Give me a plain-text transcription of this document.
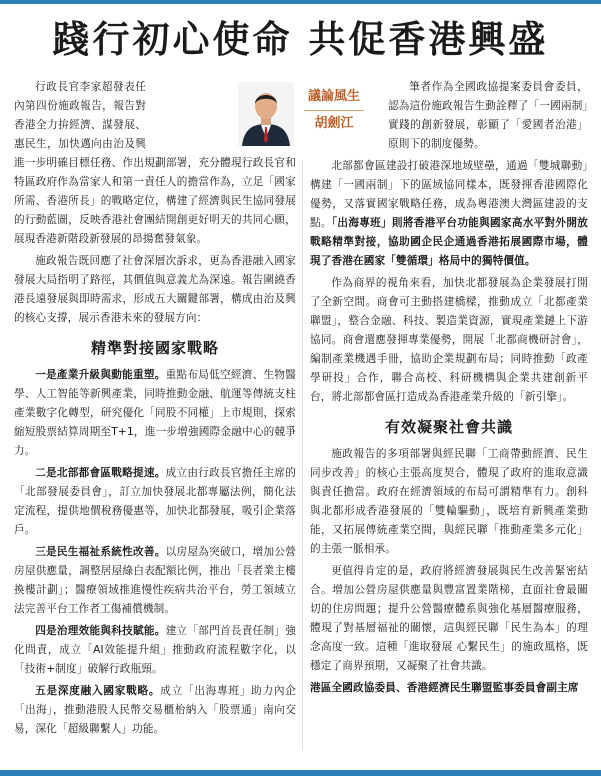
踐行初心使命 共促香港興盛
議論風生
胡劍江

行政長官李家超發表任內第四份施政報告，報告對香港全力拚經濟、謀發展、惠民生，加快邁向由治及興進一步明確目標任務、作出規劃部署，充分體現行政長官和特區政府作為當家人和第一責任人的擔當作為，立足「國家所需、香港所長」的戰略定位，構建了經濟與民生協同發展的行動藍圖，反映香港社會團結開創更好明天的共同心願，展現香港新階段新發展的昂揚奮發氣象。

施政報告既回應了社會深層次訴求，更為香港融入國家發展大局指明了路徑，其價值與意義尤為深遠。報告圍繞香港長遠發展與即時需求，形成五大關鍵部署，構成由治及興的核心支撐，展示香港未來的發展方向：

精準對接國家戰略

一是產業升級與動能重塑。重點布局低空經濟、生物醫學、人工智能等新興產業，同時推動金融、航運等傳統支柱產業數字化轉型，研究優化「同股不同權」上市規則，探索縮短股票結算周期至T+1，進一步增強國際金融中心的競爭力。

二是北部都會區戰略提速。成立由行政長官擔任主席的「北部發展委員會」，訂立加快發展北都專屬法例，簡化法定流程，提供地價稅務優惠等，加快北都發展，吸引企業落戶。

三是民生福祉系統性改善。以房屋為突破口，增加公營房屋供應量，調整居屋綠白表配額比例，推出「長者業主樓換樓計劃」；醫療領域推進慢性疾病共治平台，勞工領域立法完善平台工作者工傷補償機制。

四是治理效能與科技賦能。建立「部門首長責任制」強化問責，成立「AI效能提升組」推動政府流程數字化，以「技術+制度」破解行政瓶頸。

五是深度融入國家戰略。成立「出海專班」助力內企「出海」，推動港股人民幣交易櫃枱納入「股票通」南向交易，深化「超級聯繫人」功能。

筆者作為全國政協提案委員會委員，認為這份施政報告生動詮釋了「一國兩制」實踐的創新發展，彰顯了「愛國者治港」原則下的制度優勢。

北部都會區建設打破港深地域壁壘，通過「雙城聯動」構建「一國兩制」下的區域協同樣本，既發揮香港國際化優勢，又落實國家戰略任務，成為粵港澳大灣區建設的支點。「出海專班」則將香港平台功能與國家高水平對外開放戰略精準對接，協助國企民企通過香港拓展國際市場，體現了香港在國家「雙循環」格局中的獨特價值。

作為商界的視角來看，加快北都發展為企業發展打開了全新空間。商會可主動搭建橋樑，推動成立「北都產業聯盟」，整合金融、科技、製造業資源，實現產業鏈上下游協同。商會還應發揮專業優勢，開展「北都商機研討會」，編制產業機遇手冊，協助企業規劃布局；同時推動「政產學研投」合作，聯合高校、科研機構與企業共建創新平台，將北部都會區打造成為香港產業升級的「新引擎」。

有效凝聚社會共識

施政報告的多項部署與經民聯「工商帶動經濟、民生同步改善」的核心主張高度契合，體現了政府的進取意識與責任擔當。政府在經濟領域的布局可謂精準有力。創科與北都形成香港發展的「雙輪驅動」，既培育新興產業動能，又拓展傳統產業空間，與經民聯「推動產業多元化」的主張一脈相承。

更值得肯定的是，政府將經濟發展與民生改善緊密結合。增加公營房屋供應量與豐富置業階梯，直面社會最關切的住房問題；提升公營醫療體系與強化基層醫療服務，體現了對基層福祉的關懷，這與經民聯「民生為本」的理念高度一致。這種「進取發展 心繫民生」的施政風格，既穩定了商界預期，又凝聚了社會共識。

港區全國政協委員、香港經濟民生聯盟監事委員會副主席
